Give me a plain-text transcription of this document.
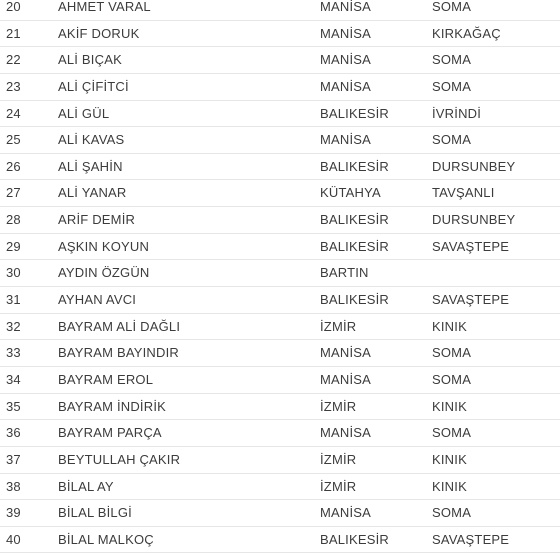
20	AHMET VARAL	MANİSA	SOMA
21	AKİF DORUK	MANİSA	KIRKAĞAÇ
22	ALİ BIÇAK	MANİSA	SOMA
23	ALİ ÇİFİTCİ	MANİSA	SOMA
24	ALİ GÜL	BALIKESİR	İVRİNDİ
25	ALİ KAVAS	MANİSA	SOMA
26	ALİ ŞAHİN	BALIKESİR	DURSUNBEY
27	ALİ YANAR	KÜTAHYA	TAVŞANLI
28	ARİF DEMİR	BALIKESİR	DURSUNBEY
29	AŞKIN KOYUN	BALIKESİR	SAVAŞTEPE
30	AYDIN ÖZGÜN	BARTIN
31	AYHAN AVCI	BALIKESİR	SAVAŞTEPE
32	BAYRAM ALİ DAĞLI	İZMİR	KINIK
33	BAYRAM BAYINDIR	MANİSA	SOMA
34	BAYRAM EROL	MANİSA	SOMA
35	BAYRAM İNDİRİK	İZMİR	KINIK
36	BAYRAM PARÇA	MANİSA	SOMA
37	BEYTULLAH ÇAKIR	İZMİR	KINIK
38	BİLAL AY	İZMİR	KINIK
39	BİLAL BİLGİ	MANİSA	SOMA
40	BİLAL MALKOÇ	BALIKESİR	SAVAŞTEPE
